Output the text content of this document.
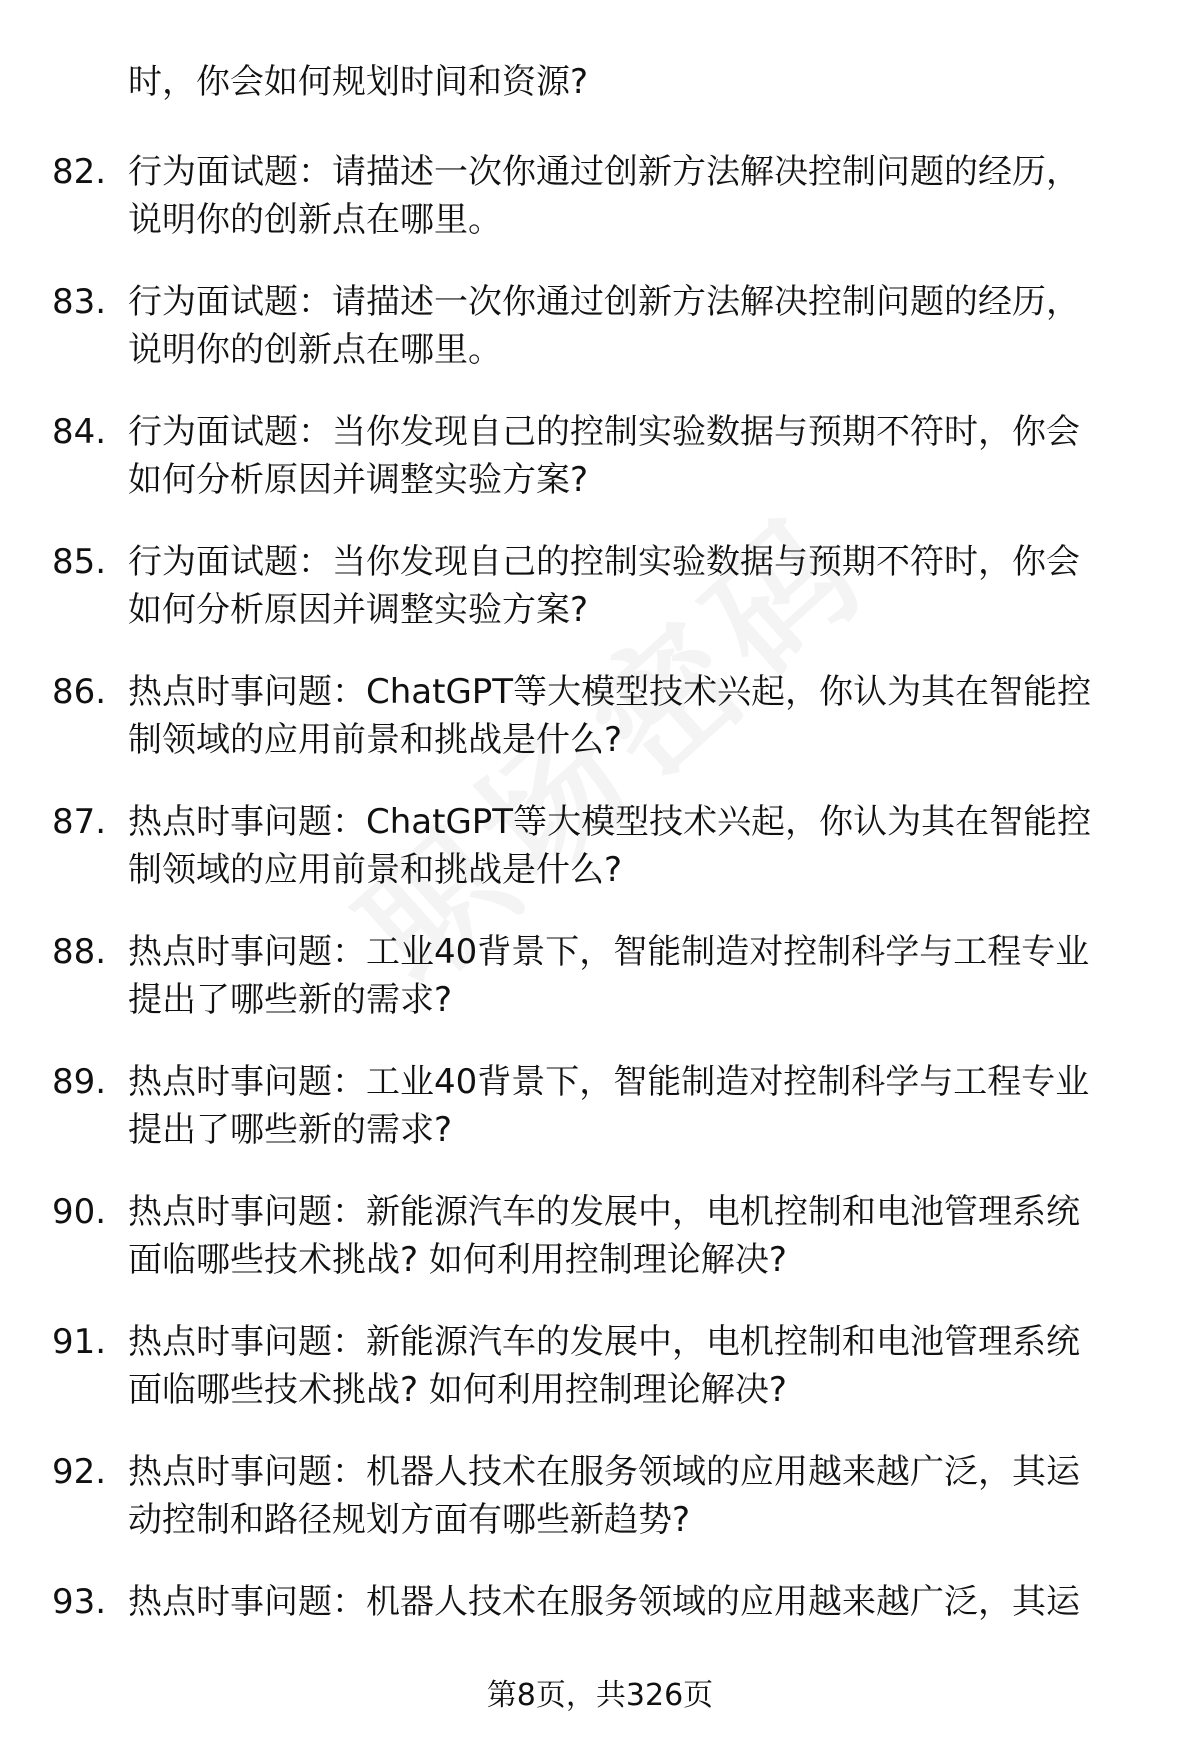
时，你会如何规划时间和资源?
82. 行为面试题：请描述一次你通过创新方法解决控制问题的经历，
说明你的创新点在哪里。
83. 行为面试题：请描述一次你通过创新方法解决控制问题的经历，
说明你的创新点在哪里。
84. 行为面试题：当你发现自己的控制实验数据与预期不符时，你会
如何分析原因并调整实验方案?
85. 行为面试题：当你发现自己的控制实验数据与预期不符时，你会
如何分析原因并调整实验方案?
86. 热点时事问题：ChatGPT等大模型技术兴起，你认为其在智能控
制领域的应用前景和挑战是什么?
87. 热点时事问题：ChatGPT等大模型技术兴起，你认为其在智能控
制领域的应用前景和挑战是什么?
88. 热点时事问题：工业40背景下，智能制造对控制科学与工程专业
提出了哪些新的需求?
89. 热点时事问题：工业40背景下，智能制造对控制科学与工程专业
提出了哪些新的需求?
90. 热点时事问题：新能源汽车的发展中，电机控制和电池管理系统
面临哪些技术挑战? 如何利用控制理论解决?
91. 热点时事问题：新能源汽车的发展中，电机控制和电池管理系统
面临哪些技术挑战? 如何利用控制理论解决?
92. 热点时事问题：机器人技术在服务领域的应用越来越广泛，其运
动控制和路径规划方面有哪些新趋势?
93. 热点时事问题：机器人技术在服务领域的应用越来越广泛，其运
第8页，共326页
